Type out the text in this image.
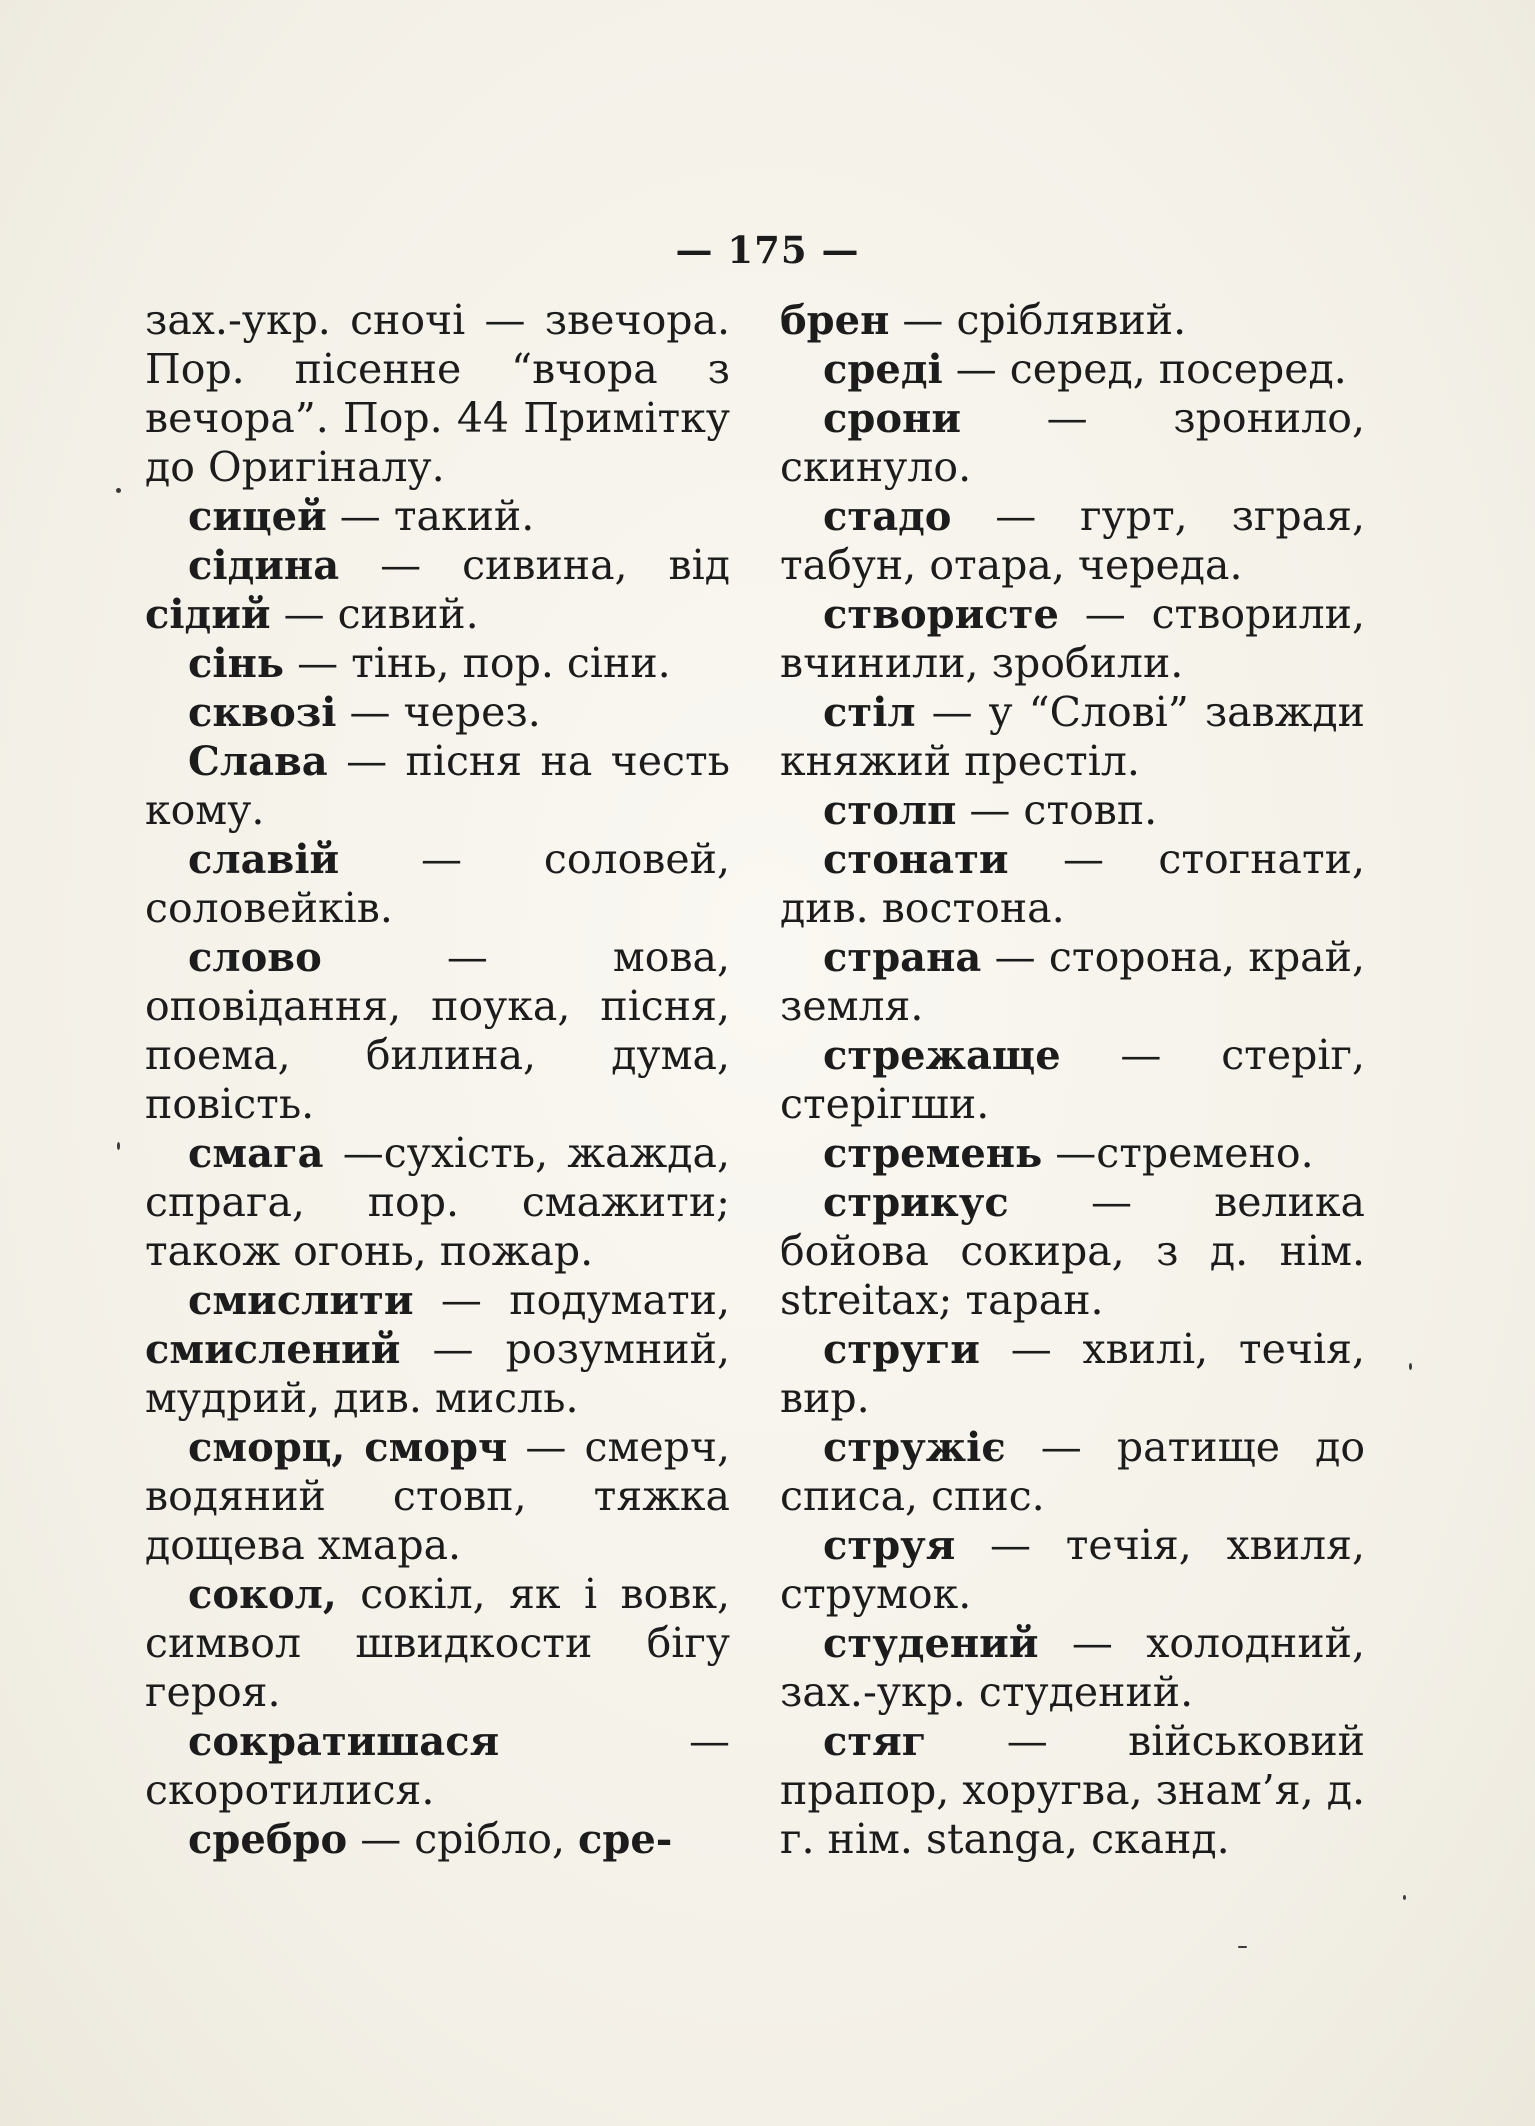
— 175 —

зах.-укр. сночі — звечора. Пор. пісенне “вчора з вечора”. Пор. 44 Примітку до Оригіналу.

сицей — такий.

сідина — сивина, від сідий — сивий.

сінь — тінь, пор. сіни.

сквозі — через.

Слава — пісня на честь кому.

славій — соловей, соловейків.

слово — мова, оповідання, поука, пісня, поема, билина, дума, повість.

смага —сухість, жажда, спрага, пор. смажити; також огонь, пожар.

смислити — подумати, смислений — розумний, мудрий, див. мисль.

сморц, сморч — смерч, водяний стовп, тяжка дощева хмара.

сокол, сокіл, як і вовк, символ швидкости бігу героя.

сократишася — скоротилися.

сребро — срібло, сре-

брен — сріблявий.

среді — серед, посеред.

срони — зронило, скинуло.

стадо — гурт, зграя, табун, отара, череда.

створисте — створили, вчинили, зробили.

стіл — у “Слові” завжди княжий престіл.

столп — стовп.

стонати — стогнати, див. востона.

страна — сторона, край, земля.

стрежаще — стеріг, стерігши.

стремень —стремено.

стрикус — велика бойова сокира, з д. нім. streitax; таран.

струги — хвилі, течія, вир.

стружіє — ратище до списа, спис.

струя — течія, хвиля, струмок.

студений — холодний, зах.-укр. студений.

стяг — військовий прапор, хоругва, знам’я, д. г. нім. stanga, сканд.
